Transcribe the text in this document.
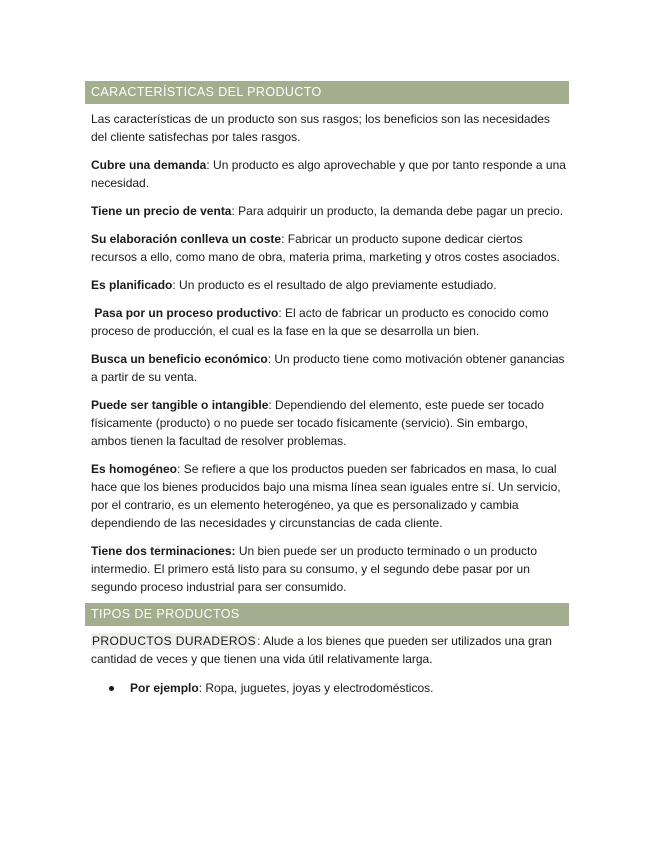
CARACTERÍSTICAS DEL PRODUCTO

Las características de un producto son sus rasgos; los beneficios son las necesidades del cliente satisfechas por tales rasgos.

Cubre una demanda: Un producto es algo aprovechable y que por tanto responde a una necesidad.

Tiene un precio de venta: Para adquirir un producto, la demanda debe pagar un precio.

Su elaboración conlleva un coste: Fabricar un producto supone dedicar ciertos recursos a ello, como mano de obra, materia prima, marketing y otros costes asociados.

Es planificado: Un producto es el resultado de algo previamente estudiado.

Pasa por un proceso productivo: El acto de fabricar un producto es conocido como proceso de producción, el cual es la fase en la que se desarrolla un bien.

Busca un beneficio económico: Un producto tiene como motivación obtener ganancias a partir de su venta.

Puede ser tangible o intangible: Dependiendo del elemento, este puede ser tocado físicamente (producto) o no puede ser tocado físicamente (servicio). Sin embargo, ambos tienen la facultad de resolver problemas.

Es homogéneo: Se refiere a que los productos pueden ser fabricados en masa, lo cual hace que los bienes producidos bajo una misma línea sean iguales entre sí. Un servicio, por el contrario, es un elemento heterogéneo, ya que es personalizado y cambia dependiendo de las necesidades y circunstancias de cada cliente.

Tiene dos terminaciones: Un bien puede ser un producto terminado o un producto intermedio. El primero está listo para su consumo, y el segundo debe pasar por un segundo proceso industrial para ser consumido.

TIPOS DE PRODUCTOS

PRODUCTOS DURADEROS: Alude a los bienes que pueden ser utilizados una gran cantidad de veces y que tienen una vida útil relativamente larga.

Por ejemplo: Ropa, juguetes, joyas y electrodomésticos.
